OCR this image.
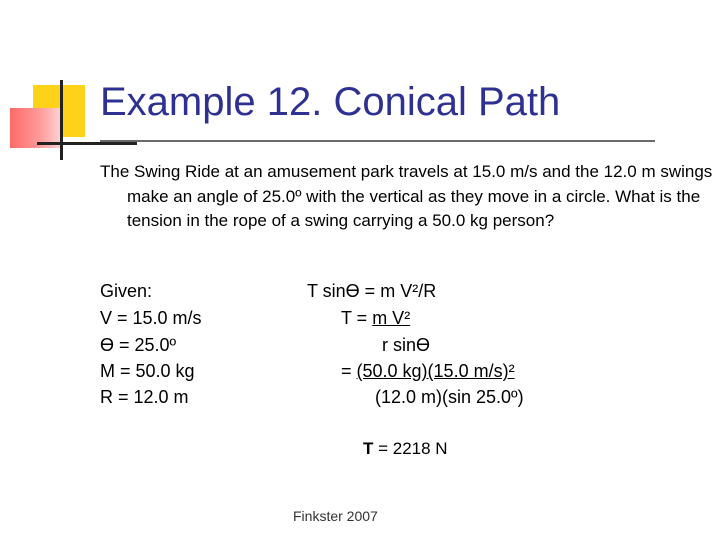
Example 12. Conical Path

The Swing Ride at an amusement park travels at 15.0 m/s and the 12.0 m swings make an angle of 25.0º with the vertical as they move in a circle. What is the tension in the rope of a swing carrying a 50.0 kg person?

Given:
V = 15.0 m/s
ϴ = 25.0º
M = 50.0 kg
R = 12.0 m
T sinϴ = m V²/R
T = m V²
r sinϴ
= (50.0 kg)(15.0 m/s)²
(12.0 m)(sin 25.0º)
T = 2218 N
Finkster 2007
